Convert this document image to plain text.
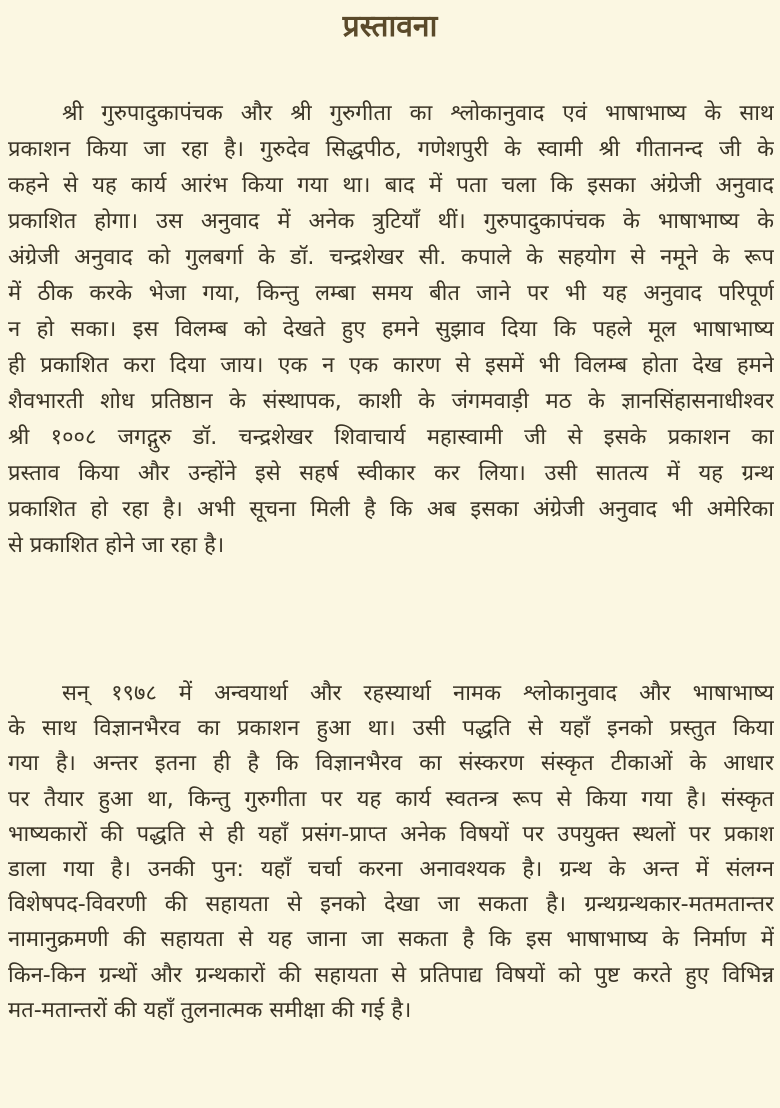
प्रस्तावना
श्री गुरुपादुकापंचक और श्री गुरुगीता का श्लोकानुवाद एवं भाषाभाष्य के साथ
प्रकाशन किया जा रहा है। गुरुदेव सिद्धपीठ, गणेशपुरी के स्वामी श्री गीतानन्द जी के
कहने से यह कार्य आरंभ किया गया था। बाद में पता चला कि इसका अंग्रेजी अनुवाद
प्रकाशित होगा। उस अनुवाद में अनेक त्रुटियाँ थीं। गुरुपादुकापंचक के भाषाभाष्य के
अंग्रेजी अनुवाद को गुलबर्गा के डॉ. चन्द्रशेखर सी. कपाले के सहयोग से नमूने के रूप
में ठीक करके भेजा गया, किन्तु लम्बा समय बीत जाने पर भी यह अनुवाद परिपूर्ण
न हो सका। इस विलम्ब को देखते हुए हमने सुझाव दिया कि पहले मूल भाषाभाष्य
ही प्रकाशित करा दिया जाय। एक न एक कारण से इसमें भी विलम्ब होता देख हमने
शैवभारती शोध प्रतिष्ठान के संस्थापक, काशी के जंगमवाड़ी मठ के ज्ञानसिंहासनाधीश्वर
श्री १००८ जगद्गुरु डॉ. चन्द्रशेखर शिवाचार्य महास्वामी जी से इसके प्रकाशन का
प्रस्ताव किया और उन्होंने इसे सहर्ष स्वीकार कर लिया। उसी सातत्य में यह ग्रन्थ
प्रकाशित हो रहा है। अभी सूचना मिली है कि अब इसका अंग्रेजी अनुवाद भी अमेरिका
से प्रकाशित होने जा रहा है।
सन् १९७८ में अन्वयार्था और रहस्यार्था नामक श्लोकानुवाद और भाषाभाष्य
के साथ विज्ञानभैरव का प्रकाशन हुआ था। उसी पद्धति से यहाँ इनको प्रस्तुत किया
गया है। अन्तर इतना ही है कि विज्ञानभैरव का संस्करण संस्कृत टीकाओं के आधार
पर तैयार हुआ था, किन्तु गुरुगीता पर यह कार्य स्वतन्त्र रूप से किया गया है। संस्कृत
भाष्यकारों की पद्धति से ही यहाँ प्रसंग-प्राप्त अनेक विषयों पर उपयुक्त स्थलों पर प्रकाश
डाला गया है। उनकी पुन: यहाँ चर्चा करना अनावश्यक है। ग्रन्थ के अन्त में संलग्न
विशेषपद-विवरणी की सहायता से इनको देखा जा सकता है। ग्रन्थग्रन्थकार-मतमतान्तर
नामानुक्रमणी की सहायता से यह जाना जा सकता है कि इस भाषाभाष्य के निर्माण में
किन-किन ग्रन्थों और ग्रन्थकारों की सहायता से प्रतिपाद्य विषयों को पुष्ट करते हुए विभिन्न
मत-मतान्तरों की यहाँ तुलनात्मक समीक्षा की गई है।
